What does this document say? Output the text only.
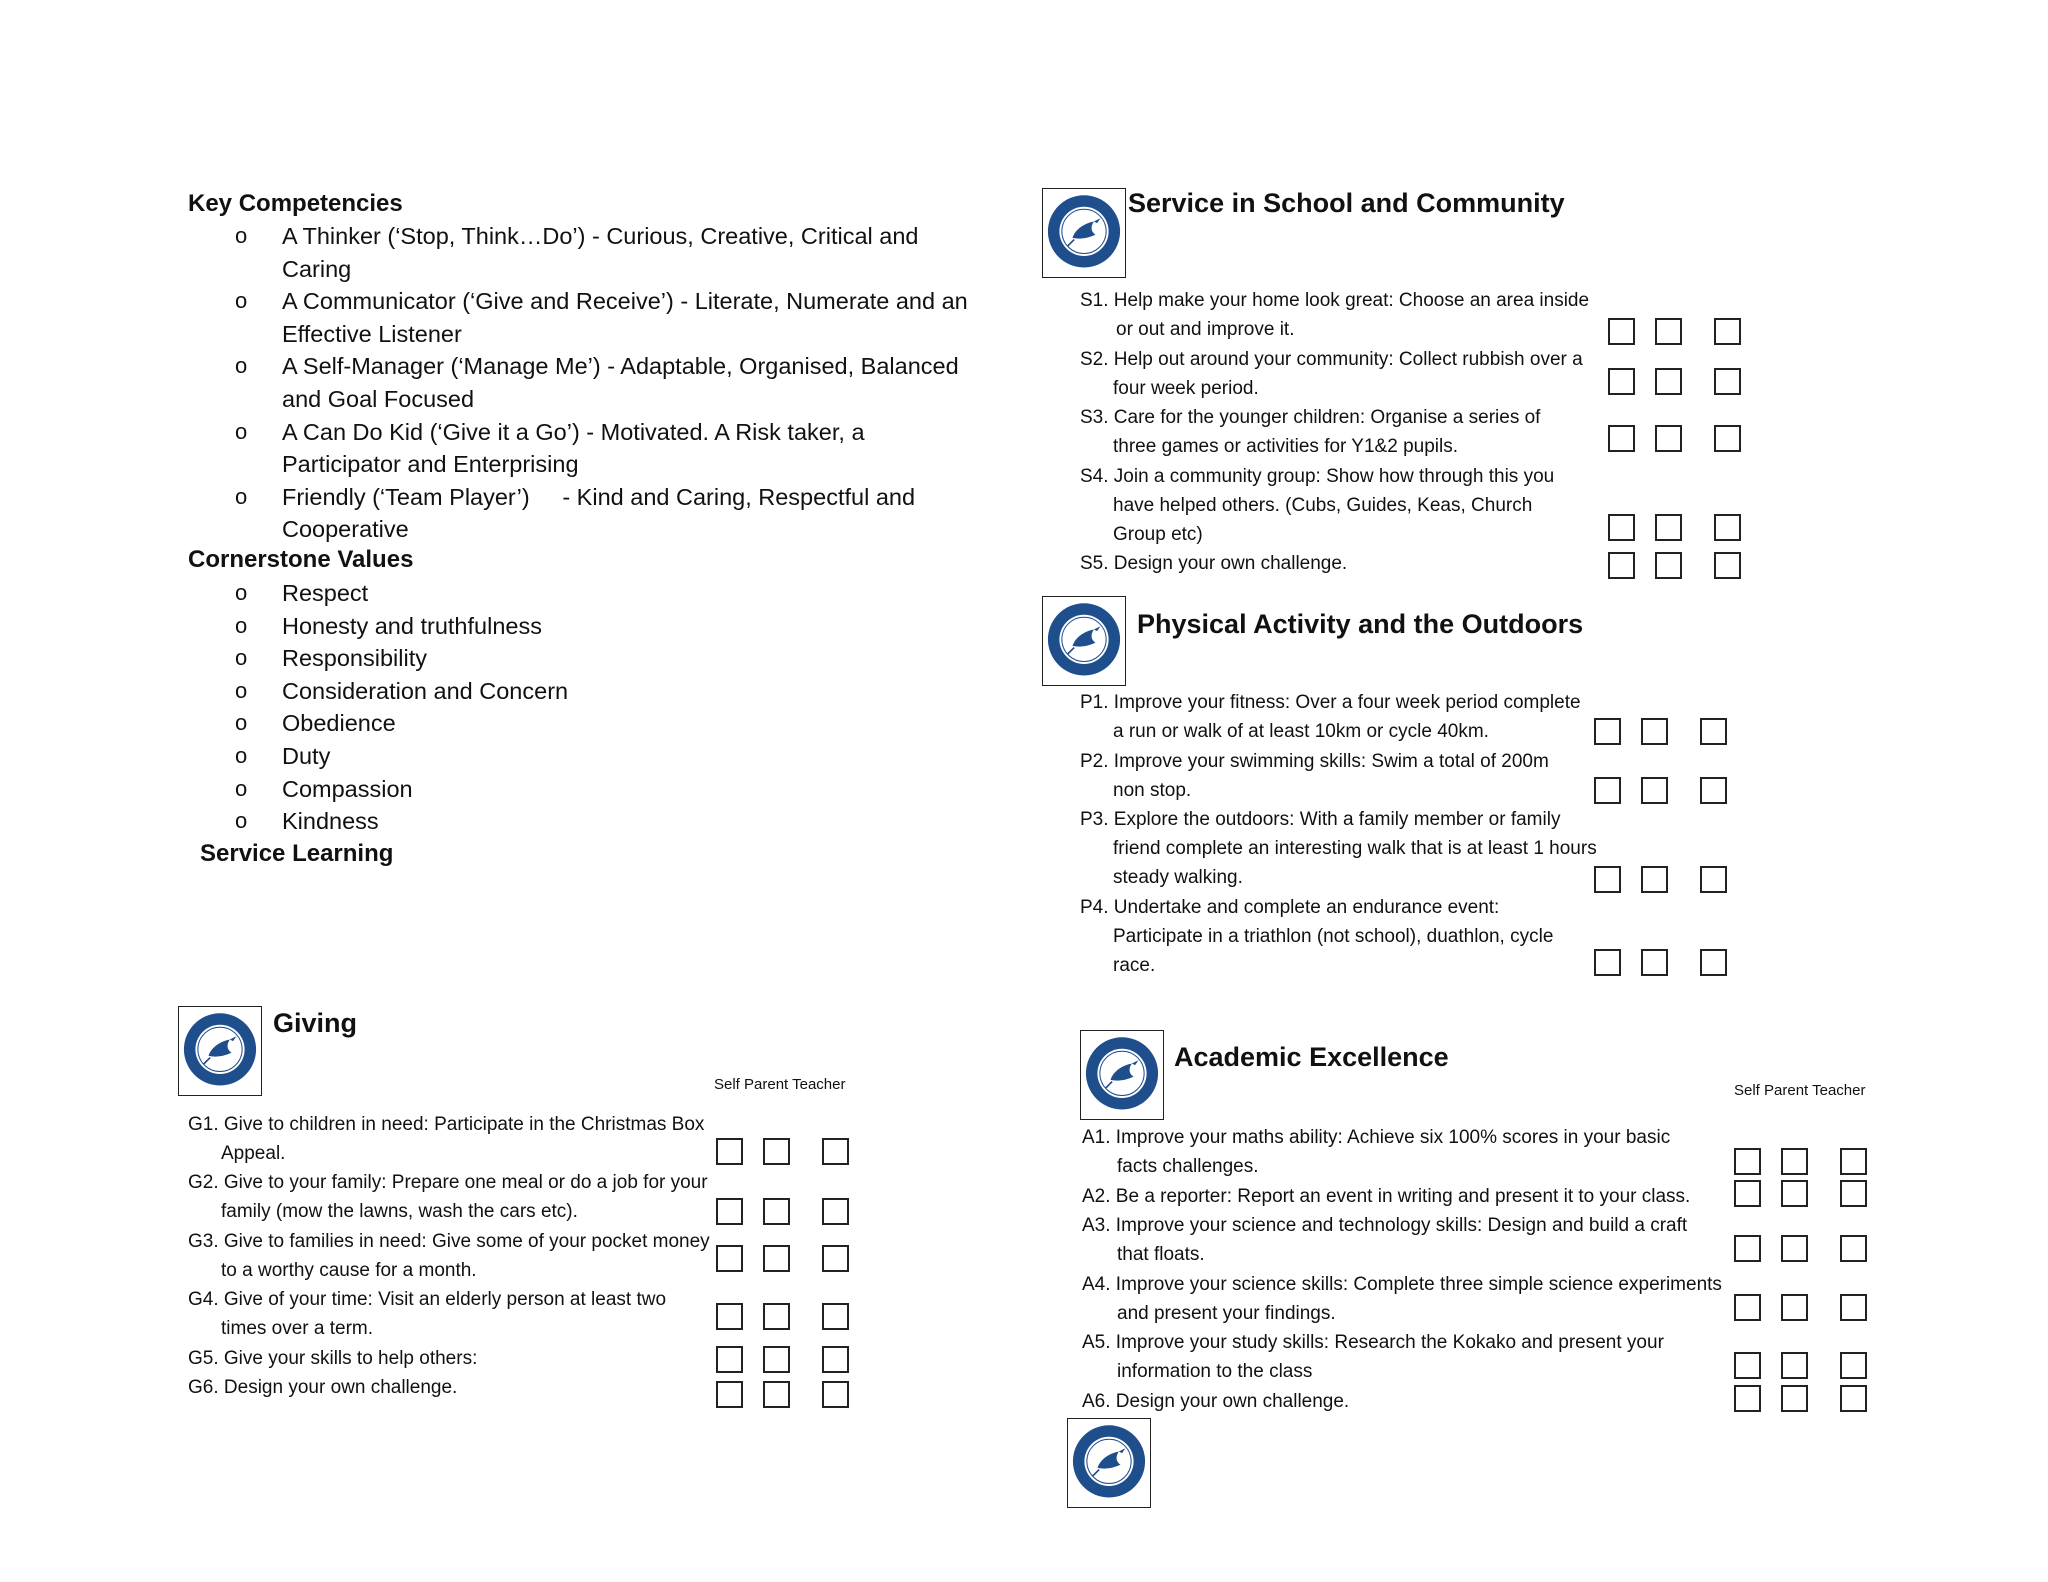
Key Competencies
o A Thinker (‘Stop, Think…Do’) - Curious, Creative, Critical and
Caring
o A Communicator (‘Give and Receive’) - Literate, Numerate and an
Effective Listener
o A Self-Manager (‘Manage Me’) - Adaptable, Organised, Balanced
and Goal Focused
o A Can Do Kid (‘Give it a Go’) - Motivated. A Risk taker, a
Participator and Enterprising
o Friendly (‘Team Player’)     - Kind and Caring, Respectful and
Cooperative
Cornerstone Values
o Respect
o Honesty and truthfulness
o Responsibility
o Consideration and Concern
o Obedience
o Duty
o Compassion
o Kindness
Service Learning
Service in School and Community
S1. Help make your home look great: Choose an area inside
or out and improve it.
S2. Help out around your community: Collect rubbish over a
four week period.
S3. Care for the younger children: Organise a series of
three games or activities for Y1&2 pupils.
S4. Join a community group: Show how through this you
have helped others. (Cubs, Guides, Keas, Church
Group etc)
S5. Design your own challenge.
Physical Activity and the Outdoors
P1. Improve your fitness: Over a four week period complete
a run or walk of at least 10km or cycle 40km.
P2. Improve your swimming skills: Swim a total of 200m
non stop.
P3. Explore the outdoors: With a family member or family
friend complete an interesting walk that is at least 1 hours
steady walking.
P4. Undertake and complete an endurance event:
Participate in a triathlon (not school), duathlon, cycle
race.
Giving
Self Parent Teacher
G1. Give to children in need: Participate in the Christmas Box
Appeal.
G2. Give to your family: Prepare one meal or do a job for your
family (mow the lawns, wash the cars etc).
G3. Give to families in need: Give some of your pocket money
to a worthy cause for a month.
G4. Give of your time: Visit an elderly person at least two
times over a term.
G5. Give your skills to help others:
G6. Design your own challenge.
Academic Excellence
Self Parent Teacher
A1. Improve your maths ability: Achieve six 100% scores in your basic
facts challenges.
A2. Be a reporter: Report an event in writing and present it to your class.
A3. Improve your science and technology skills: Design and build a craft
that floats.
A4. Improve your science skills: Complete three simple science experiments
and present your findings.
A5. Improve your study skills: Research the Kokako and present your
information to the class
A6. Design your own challenge.
